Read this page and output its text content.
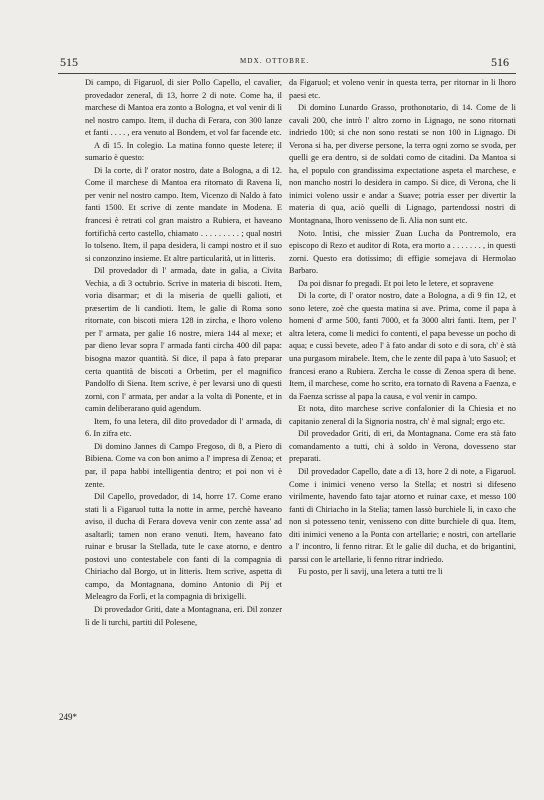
515	MDX. OTTOBRE.	516
249*

Di campo, di Figaruol, di sier Pollo Capello, el cavalier, provedador zeneral, di 13, horre 2 di note. Come ha, il marchese di Mantoa era zonto a Bologna, et vol venir di lì nel nostro campo. Item, il ducha di Ferara, con 300 lanze et fanti . . . . , era venuto al Bondem, et vol far facende etc.

A dì 15. In colegio. La matina fonno queste letere; il sumario è questo:

Di la corte, di l' orator nostro, date a Bologna, a dì 12. Come il marchese di Mantoa era ritornato di Ravena lì, per venir nel nostro campo. Item, Vicenzo di Naldo à fato fanti 1500. Et scrive di zente mandate in Modena. E francesi è retrati col gran maistro a Rubiera, et haveano fortifichà certo castello, chiamato . . . . . . . . . ; qual nostri lo tolseno. Item, il papa desidera, li campi nostro et il suo si conzonzino insieme. Et altre particularità, ut in litteris.

Dil provedador di l' armada, date in galia, a Civita Vechia, a dì 3 octubrio. Scrive in materia di biscoti. Item, voria disarmar; et di la miseria de quelli galioti, et præsertim de li candioti. Item, le galie di Roma sono ritornate, con biscoti miera 128 in zircha, e lhoro voleno per l' armata, per galie 16 nostre, miera 144 al mexe; et par dieno levar sopra l' armada fanti circha 400 dil papa: bisogna mazor quantità. Si dice, il papa à fato preparar certa quantità de biscoti a Orbetim, per el magnifico Pandolfo di Siena. Item scrive, è per levarsi uno di questi zorni, con l' armata, per andar a la volta di Ponente, et in camin deliberarano quid agendum.

Item, fo una letera, dil dito provedador di l' armada, di 6. In zifra etc.

Di domino Jannes di Campo Fregoso, di 8, a Piero di Bibiena. Come va con bon animo a l' impresa di Zenoa; et par, il papa habbi intelligentia dentro; et poi non vi è zente.

Dil Capello, provedador, di 14, horre 17. Come erano stati li a Figaruol tutta la notte in arme, perchè haveano aviso, il ducha di Ferara doveva venir con zente assa' ad asaltarli; tamen non erano venuti. Item, haveano fato ruinar e brusar la Stellada, tute le caxe atorno, e dentro postovi uno contestabele con fanti di la compagnia di Chiriacho dal Borgo, ut in litteris. Item scrive, aspetta di campo, da Montagnana, domino Antonio di Pij et Meleagro da Forlì, et la compagnia di brixigelli.

Di provedador Griti, date a Montagnana, eri. Dil zonzer lì de li turchi, partiti dil Polesene,

da Figaruol; et voleno venir in questa terra, per ritornar in li lhoro paesi etc.

Di domino Lunardo Grasso, prothonotario, di 14. Come de li cavali 200, che intrò l' altro zorno in Lignago, ne sono ritornati indriedo 100; si che non sono restati se non 100 in Lignago. Di Verona si ha, per diverse persone, la terra ogni zorno se svoda, per quelli ge era dentro, si de soldati como de citadini. Da Mantoa si ha, el populo con grandissima expectatione aspeta el marchese, e non mancho nostri lo desidera in campo. Si dice, di Verona, che li inimici voleno ussir e andar a Suave; potria esser per divertir la materia di qua, aciò quelli di Lignago, partendossi nostri di Montagnana, lhoro venisseno de lì. Alia non sunt etc.

Noto. Intisi, che missier Zuan Lucha da Pontremolo, era episcopo di Rezo et auditor di Rota, era morto a . . . . . . . , in questi zorni. Questo era dotissimo; di effigie somejava di Hermolao Barbaro.

Da poi disnar fo pregadi. Et poi leto le letere, et sopravene

Di la corte, di l' orator nostro, date a Bologna, a dì 9 fin 12, et sono letere, zoè che questa matina si ave. Prima, come il papa à homeni d' arme 500, fanti 7000, et fa 3000 altri fanti. Item, per l' altra letera, come li medici fo contenti, el papa bevesse un pocho di aqua; e cussì bevete, adeo l' à fato andar di soto e di sora, ch' è stà una purgasom mirabele. Item, che le zente dil papa à 'uto Sasuol; et francesi erano a Rubiera. Zercha le cosse di Zenoa spera di bene. Item, il marchese, come ho scrito, era tornato di Ravena a Faenza, e da Faenza scrisse al papa la causa, e vol venir in campo.

Et nota, dito marchese scrive confalonier di la Chiesia et no capitanio zeneral di la Signoria nostra, ch' è mal signal; ergo etc.

Dil provedador Griti, di eri, da Montagnana. Come era stà fato comandamento a tutti, chi à soldo in Verona, dovesseno star preparati.

Dil provedador Capello, date a dì 13, hore 2 di note, a Figaruol. Come i inimici veneno verso la Stella; et nostri si difeseno virilmente, havendo fato tajar atorno et ruinar caxe, et messo 100 fanti di Chiriacho in la Stelìa; tamen lassò burchiele lì, in caxo che non si potesseno tenir, venisseno con ditte burchiele di qua. Item, diti inimici veneno a la Ponta con artellarie; e nostri, con artellarie a l' incontro, li fenno ritrar. Et le galie dil ducha, et do brigantini, parssi con le artellarie, li fenno ritrar indriedo.

Fu posto, per li savij, una letera a tutti tre li
